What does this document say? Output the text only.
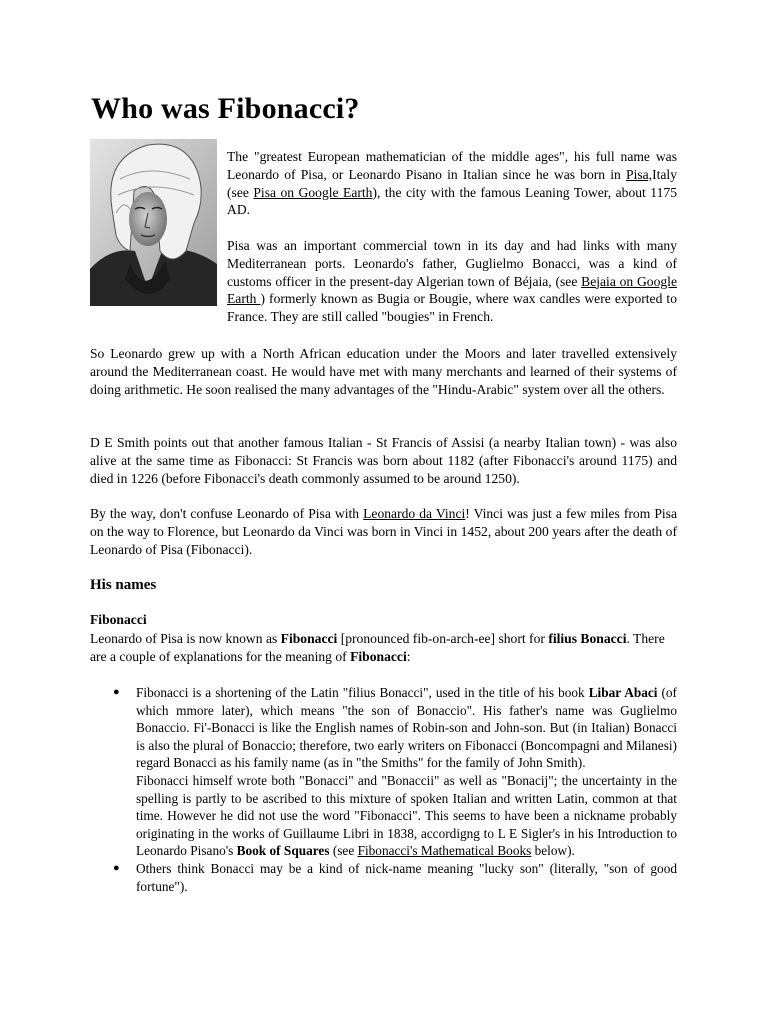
Who was Fibonacci?

The "greatest European mathematician of the middle ages", his full name was Leonardo of Pisa, or Leonardo Pisano in Italian since he was born in Pisa,Italy (see Pisa on Google Earth), the city with the famous Leaning Tower, about 1175 AD.

Pisa was an important commercial town in its day and had links with many Mediterranean ports. Leonardo's father, Guglielmo Bonacci, was a kind of customs officer in the present-day Algerian town of Béjaia, (see Bejaia on Google Earth ) formerly known as Bugia or Bougie, where wax candles were exported to France. They are still called "bougies" in French.

So Leonardo grew up with a North African education under the Moors and later travelled extensively around the Mediterranean coast. He would have met with many merchants and learned of their systems of doing arithmetic. He soon realised the many advantages of the "Hindu-Arabic" system over all the others.

D E Smith points out that another famous Italian - St Francis of Assisi (a nearby Italian town) - was also alive at the same time as Fibonacci: St Francis was born about 1182 (after Fibonacci's around 1175) and died in 1226 (before Fibonacci's death commonly assumed to be around 1250).

By the way, don't confuse Leonardo of Pisa with Leonardo da Vinci! Vinci was just a few miles from Pisa on the way to Florence, but Leonardo da Vinci was born in Vinci in 1452, about 200 years after the death of Leonardo of Pisa (Fibonacci).

His names
Fibonacci

Leonardo of Pisa is now known as Fibonacci [pronounced fib-on-arch-ee] short for filius Bonacci. There are a couple of explanations for the meaning of Fibonacci:

● Fibonacci is a shortening of the Latin "filius Bonacci", used in the title of his book Libar Abaci (of which mmore later), which means "the son of Bonaccio". His father's name was Guglielmo Bonaccio. Fi'-Bonacci is like the English names of Robin-son and John-son. But (in Italian) Bonacci is also the plural of Bonaccio; therefore, two early writers on Fibonacci (Boncompagni and Milanesi) regard Bonacci as his family name (as in "the Smiths" for the family of John Smith).
Fibonacci himself wrote both "Bonacci" and "Bonaccii" as well as "Bonacij"; the uncertainty in the spelling is partly to be ascribed to this mixture of spoken Italian and written Latin, common at that time. However he did not use the word "Fibonacci". This seems to have been a nickname probably originating in the works of Guillaume Libri in 1838, accordigng to L E Sigler's in his Introduction to Leonardo Pisano's Book of Squares (see Fibonacci's Mathematical Books below).
● Others think Bonacci may be a kind of nick-name meaning "lucky son" (literally, "son of good fortune").
